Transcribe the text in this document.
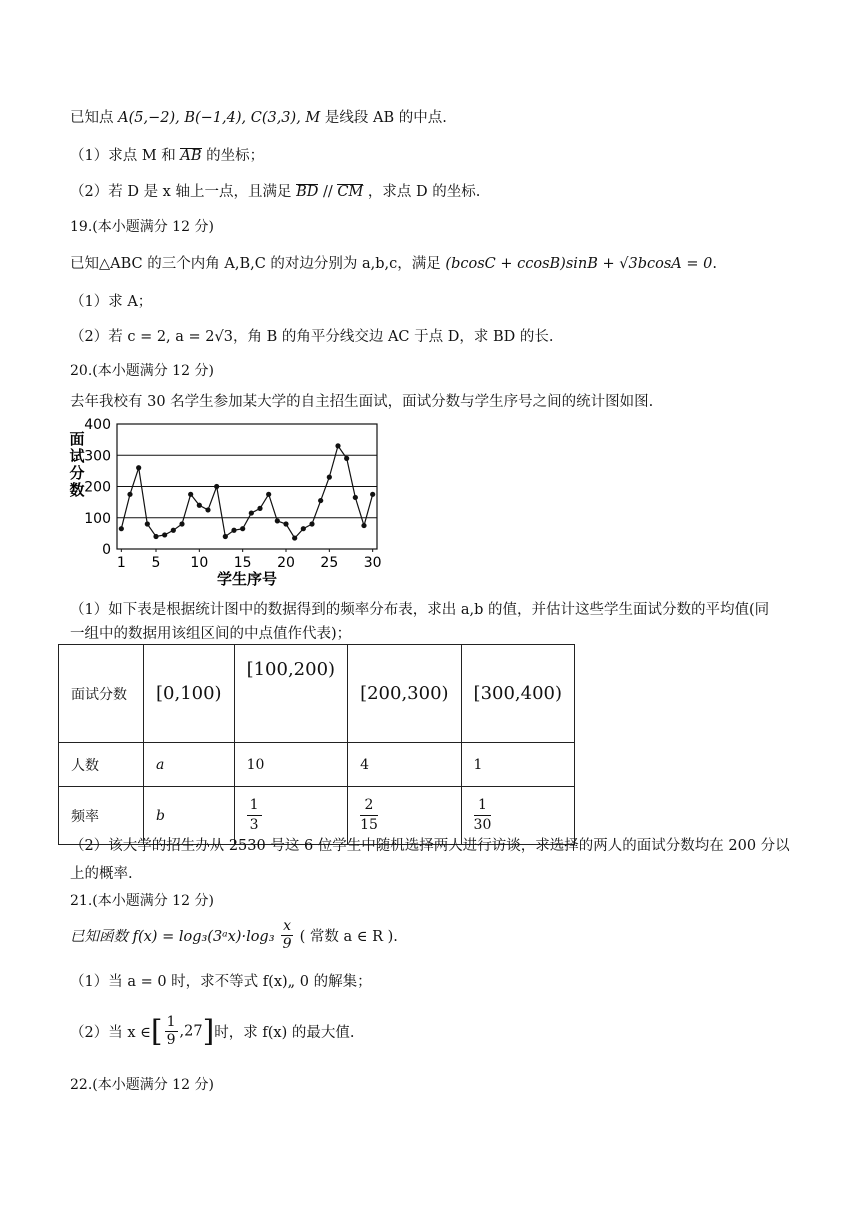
已知点 A(5,−2), B(−1,4), C(3,3), M 是线段 AB 的中点.
（1）求点 M 和 AB 的坐标；
（2）若 D 是 x 轴上一点，且满足 BD // CM ，求点 D 的坐标.
19.(本小题满分 12 分)
已知△ABC 的三个内角 A,B,C 的对边分别为 a,b,c，满足 (bcosC + ccosB)sinB + √3bcosA = 0.
（1）求 A；
（2）若 c = 2, a = 2√3，角 B 的角平分线交边 AC 于点 D，求 BD 的长.
20.(本小题满分 12 分)
去年我校有 30 名学生参加某大学的自主招生面试，面试分数与学生序号之间的统计图如图.
面
试
分
数
0
100
200
300
400
1 5 10 15 20 25 30
学生序号
（1）如下表是根据统计图中的数据得到的频率分布表，求出 a,b 的值，并估计这些学生面试分数的平均值(同
一组中的数据用该组区间的中点值作代表)；
面试分数	[0,100)	[100,200)	[200,300)	[300,400)
人数	a	10	4	1
频率	b	$\frac{1}{3}$	$\frac{2}{15}$	$\frac{1}{30}$
（2）该大学的招生办从 2530 号这 6 位学生中随机选择两人进行访谈，求选择的两人的面试分数均在 200 分以
上的概率.
21.(本小题满分 12 分)
已知函数 f(x) = log₃(3ᵃx)·log₃ $\frac{x}{9}$ ( 常数 a ∈ R ).
（1）当 a = 0 时，求不等式 f(x)„ 0 的解集；
（2）当 x ∈[ $\frac{1}{9} ,27$]时，求 f(x) 的最大值.
22.(本小题满分 12 分)
